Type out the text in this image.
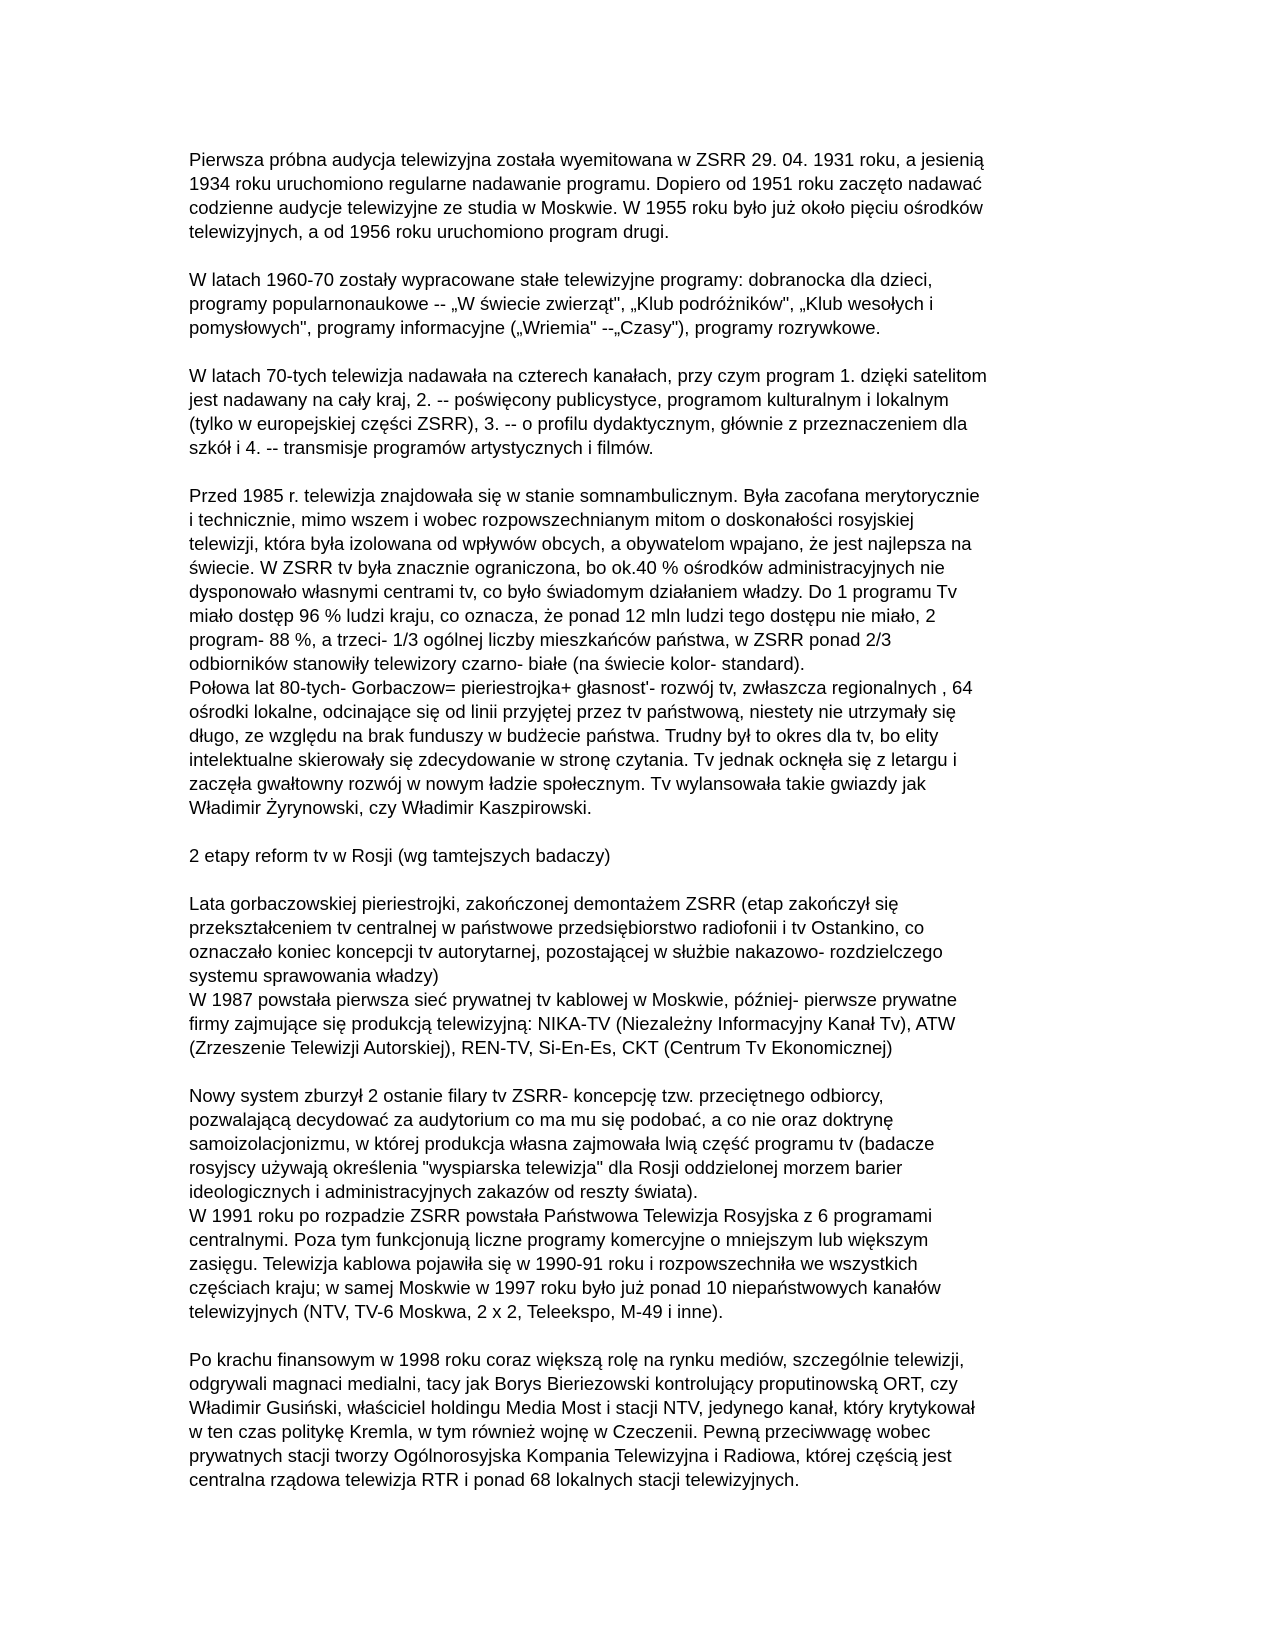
Pierwsza próbna audycja telewizyjna została wyemitowana w ZSRR 29. 04. 1931 roku, a jesienią
1934 roku uruchomiono regularne nadawanie programu. Dopiero od 1951 roku zaczęto nadawać
codzienne audycje telewizyjne ze studia w Moskwie. W 1955 roku było już około pięciu ośrodków
telewizyjnych, a od 1956 roku uruchomiono program drugi.
W latach 1960-70 zostały wypracowane stałe telewizyjne programy: dobranocka dla dzieci,
programy popularnonaukowe -- „W świecie zwierząt", „Klub podróżników", „Klub wesołych i
pomysłowych", programy informacyjne („Wriemia" --„Czasy"), programy rozrywkowe.
W latach 70-tych telewizja nadawała na czterech kanałach, przy czym program 1. dzięki satelitom
jest nadawany na cały kraj, 2. -- poświęcony publicystyce, programom kulturalnym i lokalnym
(tylko w europejskiej części ZSRR), 3. -- o profilu dydaktycznym, głównie z przeznaczeniem dla
szkół i 4. -- transmisje programów artystycznych i filmów.
Przed 1985 r. telewizja znajdowała się w stanie somnambulicznym. Była zacofana merytorycznie
i technicznie, mimo wszem i wobec rozpowszechnianym mitom o doskonałości rosyjskiej
telewizji, która była izolowana od wpływów obcych, a obywatelom wpajano, że jest najlepsza na
świecie. W ZSRR tv była znacznie ograniczona, bo ok.40 % ośrodków administracyjnych nie
dysponowało własnymi centrami tv, co było świadomym działaniem władzy. Do 1 programu Tv
miało dostęp 96 % ludzi kraju, co oznacza, że ponad 12 mln ludzi tego dostępu nie miało, 2
program- 88 %, a trzeci- 1/3 ogólnej liczby mieszkańców państwa, w ZSRR ponad 2/3
odbiorników stanowiły telewizory czarno- białe (na świecie kolor- standard).
Połowa lat 80-tych- Gorbaczow= pieriestrojka+ głasnost'- rozwój tv, zwłaszcza regionalnych , 64
ośrodki lokalne, odcinające się od linii przyjętej przez tv państwową, niestety nie utrzymały się
długo, ze względu na brak funduszy w budżecie państwa. Trudny był to okres dla tv, bo elity
intelektualne skierowały się zdecydowanie w stronę czytania. Tv jednak ocknęła się z letargu i
zaczęła gwałtowny rozwój w nowym ładzie społecznym. Tv wylansowała takie gwiazdy jak
Władimir Żyrynowski, czy Władimir Kaszpirowski.
2 etapy reform tv w Rosji (wg tamtejszych badaczy)
Lata gorbaczowskiej pieriestrojki, zakończonej demontażem ZSRR (etap zakończył się
przekształceniem tv centralnej w państwowe przedsiębiorstwo radiofonii i tv Ostankino, co
oznaczało koniec koncepcji tv autorytarnej, pozostającej w służbie nakazowo- rozdzielczego
systemu sprawowania władzy)
W 1987 powstała pierwsza sieć prywatnej tv kablowej w Moskwie, później- pierwsze prywatne
firmy zajmujące się produkcją telewizyjną: NIKA-TV (Niezależny Informacyjny Kanał Tv), ATW
(Zrzeszenie Telewizji Autorskiej), REN-TV, Si-En-Es, CKT (Centrum Tv Ekonomicznej)
Nowy system zburzył 2 ostanie filary tv ZSRR- koncepcję tzw. przeciętnego odbiorcy,
pozwalającą decydować za audytorium co ma mu się podobać, a co nie oraz doktrynę
samoizolacjonizmu, w której produkcja własna zajmowała lwią część programu tv (badacze
rosyjscy używają określenia "wyspiarska telewizja" dla Rosji oddzielonej morzem barier
ideologicznych i administracyjnych zakazów od reszty świata).
W 1991 roku po rozpadzie ZSRR powstała Państwowa Telewizja Rosyjska z 6 programami
centralnymi. Poza tym funkcjonują liczne programy komercyjne o mniejszym lub większym
zasięgu. Telewizja kablowa pojawiła się w 1990-91 roku i rozpowszechniła we wszystkich
częściach kraju; w samej Moskwie w 1997 roku było już ponad 10 niepaństwowych kanałów
telewizyjnych (NTV, TV-6 Moskwa, 2 x 2, Teleekspo, M-49 i inne).
Po krachu finansowym w 1998 roku coraz większą rolę na rynku mediów, szczególnie telewizji,
odgrywali magnaci medialni, tacy jak Borys Bieriezowski kontrolujący proputinowską ORT, czy
Władimir Gusiński, właściciel holdingu Media Most i stacji NTV, jedynego kanał, który krytykował
w ten czas politykę Kremla, w tym również wojnę w Czeczenii. Pewną przeciwwagę wobec
prywatnych stacji tworzy Ogólnorosyjska Kompania Telewizyjna i Radiowa, której częścią jest
centralna rządowa telewizja RTR i ponad 68 lokalnych stacji telewizyjnych.
